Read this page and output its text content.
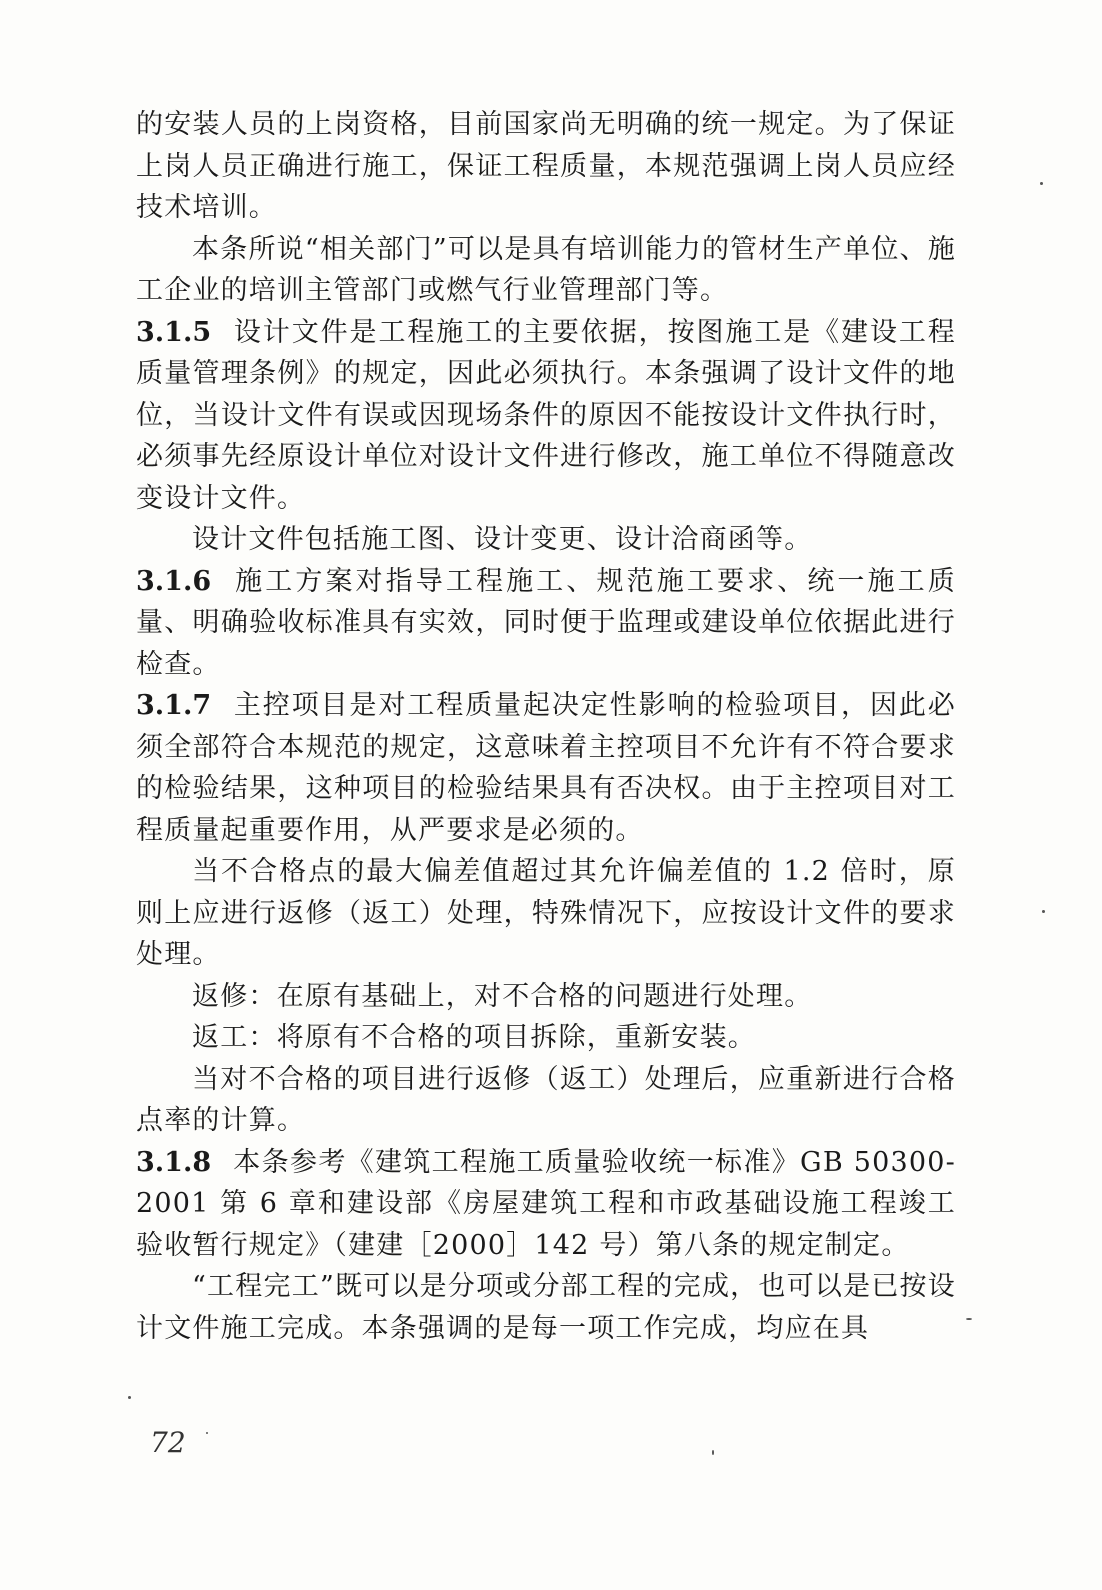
的安装人员的上岗资格，目前国家尚无明确的统一规定。为了保证上岗人员正确进行施工，保证工程质量，本规范强调上岗人员应经技术培训。

本条所说“相关部门”可以是具有培训能力的管材生产单位、施工企业的培训主管部门或燃气行业管理部门等。

3.1.5 设计文件是工程施工的主要依据，按图施工是《建设工程质量管理条例》的规定，因此必须执行。本条强调了设计文件的地位，当设计文件有误或因现场条件的原因不能按设计文件执行时，必须事先经原设计单位对设计文件进行修改，施工单位不得随意改变设计文件。

设计文件包括施工图、设计变更、设计洽商函等。

3.1.6 施工方案对指导工程施工、规范施工要求、统一施工质量、明确验收标准具有实效，同时便于监理或建设单位依据此进行检查。

3.1.7 主控项目是对工程质量起决定性影响的检验项目，因此必须全部符合本规范的规定，这意味着主控项目不允许有不符合要求的检验结果，这种项目的检验结果具有否决权。由于主控项目对工程质量起重要作用，从严要求是必须的。

当不合格点的最大偏差值超过其允许偏差值的 1.2 倍时，原则上应进行返修（返工）处理，特殊情况下，应按设计文件的要求处理。

返修：在原有基础上，对不合格的问题进行处理。

返工：将原有不合格的项目拆除，重新安装。

当对不合格的项目进行返修（返工）处理后，应重新进行合格点率的计算。

3.1.8 本条参考《建筑工程施工质量验收统一标准》GB 50300-2001 第 6 章和建设部《房屋建筑工程和市政基础设施工程竣工验收暂行规定》（建建［2000］142 号）第八条的规定制定。

“工程完工”既可以是分项或分部工程的完成，也可以是已按设计文件施工完成。本条强调的是每一项工作完成，均应在具

72
